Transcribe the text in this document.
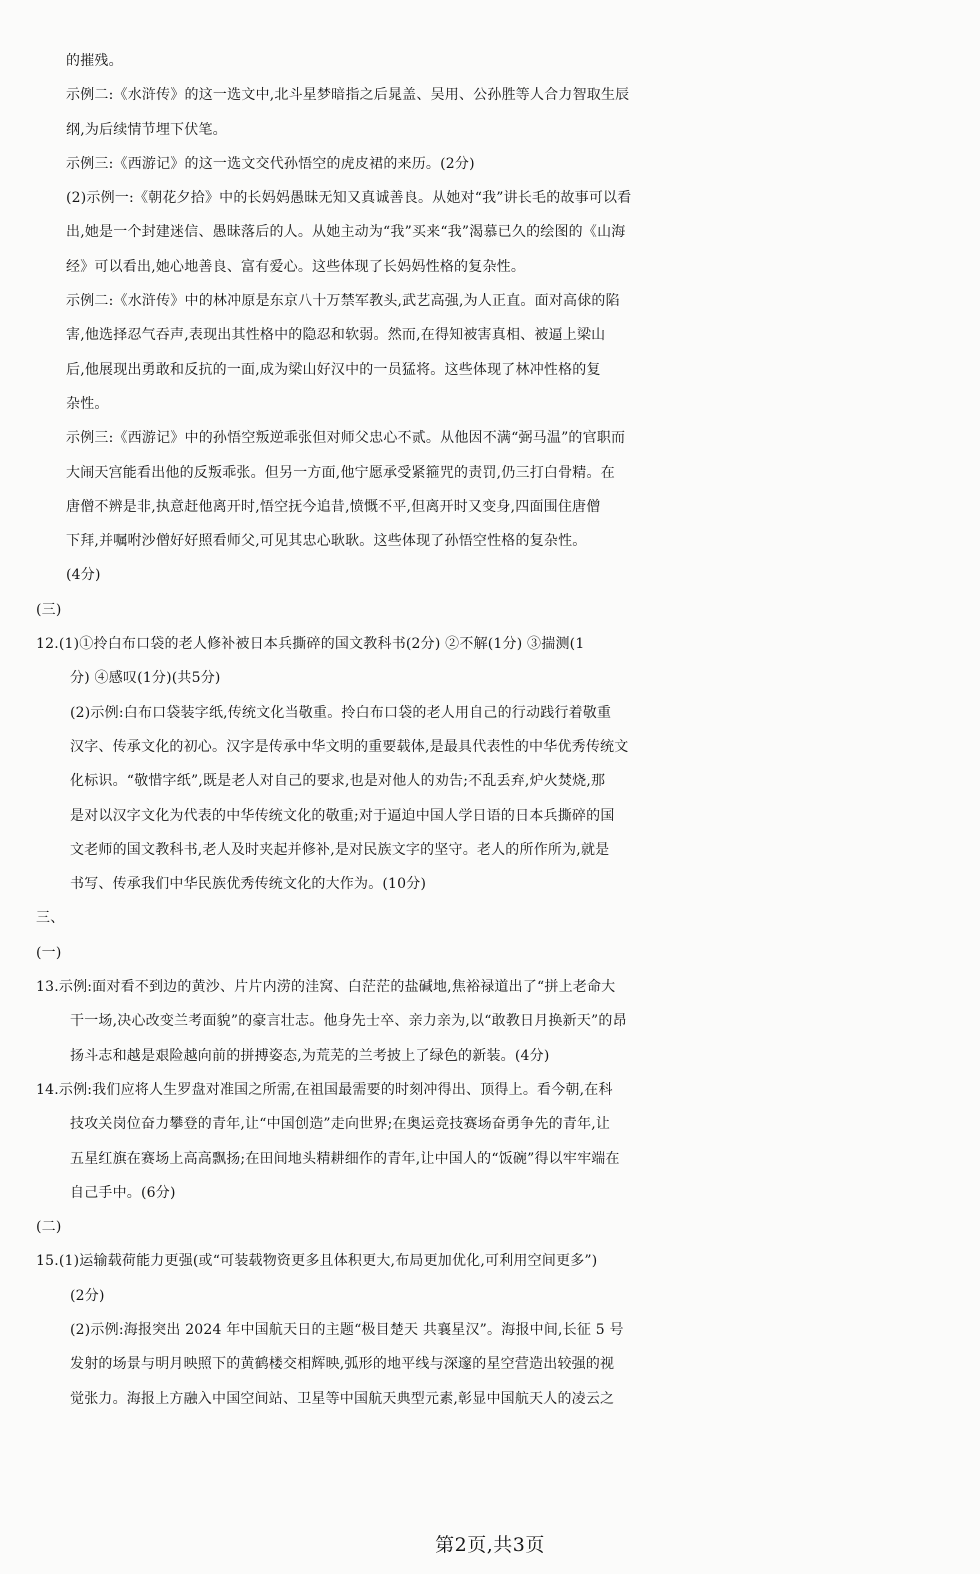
的摧残。
示例二:《水浒传》的这一选文中,北斗星梦暗指之后晁盖、吴用、公孙胜等人合力智取生辰
纲,为后续情节埋下伏笔。
示例三:《西游记》的这一选文交代孙悟空的虎皮裙的来历。(2分)
(2)示例一:《朝花夕拾》中的长妈妈愚昧无知又真诚善良。从她对“我”讲长毛的故事可以看
出,她是一个封建迷信、愚昧落后的人。从她主动为“我”买来“我”渴慕已久的绘图的《山海
经》可以看出,她心地善良、富有爱心。这些体现了长妈妈性格的复杂性。
示例二:《水浒传》中的林冲原是东京八十万禁军教头,武艺高强,为人正直。面对高俅的陷
害,他选择忍气吞声,表现出其性格中的隐忍和软弱。然而,在得知被害真相、被逼上梁山
后,他展现出勇敢和反抗的一面,成为梁山好汉中的一员猛将。这些体现了林冲性格的复
杂性。
示例三:《西游记》中的孙悟空叛逆乖张但对师父忠心不贰。从他因不满“弼马温”的官职而
大闹天宫能看出他的反叛乖张。但另一方面,他宁愿承受紧箍咒的责罚,仍三打白骨精。在
唐僧不辨是非,执意赶他离开时,悟空抚今追昔,愤慨不平,但离开时又变身,四面围住唐僧
下拜,并嘱咐沙僧好好照看师父,可见其忠心耿耿。这些体现了孙悟空性格的复杂性。
(4分)
(三)
12.(1)①拎白布口袋的老人修补被日本兵撕碎的国文教科书(2分) ②不解(1分) ③揣测(1
分) ④感叹(1分)(共5分)
(2)示例:白布口袋装字纸,传统文化当敬重。拎白布口袋的老人用自己的行动践行着敬重
汉字、传承文化的初心。汉字是传承中华文明的重要载体,是最具代表性的中华优秀传统文
化标识。“敬惜字纸”,既是老人对自己的要求,也是对他人的劝告;不乱丢弃,炉火焚烧,那
是对以汉字文化为代表的中华传统文化的敬重;对于逼迫中国人学日语的日本兵撕碎的国
文老师的国文教科书,老人及时夹起并修补,是对民族文字的坚守。老人的所作所为,就是
书写、传承我们中华民族优秀传统文化的大作为。(10分)
三、
(一)
13.示例:面对看不到边的黄沙、片片内涝的洼窝、白茫茫的盐碱地,焦裕禄道出了“拼上老命大
干一场,决心改变兰考面貌”的豪言壮志。他身先士卒、亲力亲为,以“敢教日月换新天”的昂
扬斗志和越是艰险越向前的拼搏姿态,为荒芜的兰考披上了绿色的新装。(4分)
14.示例:我们应将人生罗盘对准国之所需,在祖国最需要的时刻冲得出、顶得上。看今朝,在科
技攻关岗位奋力攀登的青年,让“中国创造”走向世界;在奥运竞技赛场奋勇争先的青年,让
五星红旗在赛场上高高飘扬;在田间地头精耕细作的青年,让中国人的“饭碗”得以牢牢端在
自己手中。(6分)
(二)
15.(1)运输载荷能力更强(或“可装载物资更多且体积更大,布局更加优化,可利用空间更多”)
(2分)
(2)示例:海报突出 2024 年中国航天日的主题“极目楚天 共襄星汉”。海报中间,长征 5 号
发射的场景与明月映照下的黄鹤楼交相辉映,弧形的地平线与深邃的星空营造出较强的视
觉张力。海报上方融入中国空间站、卫星等中国航天典型元素,彰显中国航天人的凌云之
第2页,共3页
